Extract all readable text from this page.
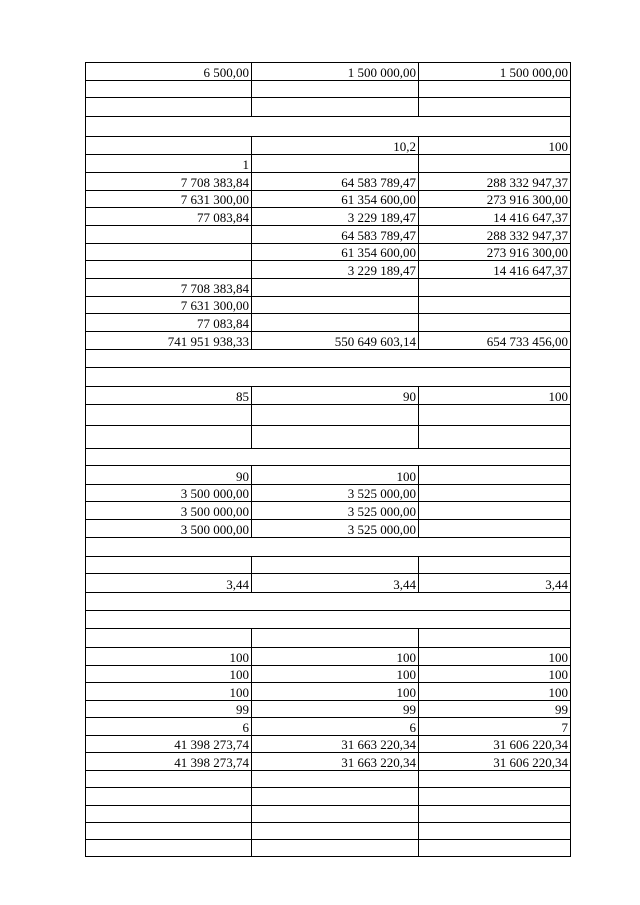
6 500,00	1 500 000,00	1 500 000,00

	10,2	100
1		
7 708 383,84	64 583 789,47	288 332 947,37
7 631 300,00	61 354 600,00	273 916 300,00
77 083,84	3 229 189,47	14 416 647,37
	64 583 789,47	288 332 947,37
	61 354 600,00	273 916 300,00
	3 229 189,47	14 416 647,37
7 708 383,84		
7 631 300,00		
77 083,84		
741 951 938,33	550 649 603,14	654 733 456,00

85	90	100

90	100	
3 500 000,00	3 525 000,00	
3 500 000,00	3 525 000,00	
3 500 000,00	3 525 000,00	

3,44	3,44	3,44

100	100	100
100	100	100
100	100	100
99	99	99
6	6	7
41 398 273,74	31 663 220,34	31 606 220,34
41 398 273,74	31 663 220,34	31 606 220,34
